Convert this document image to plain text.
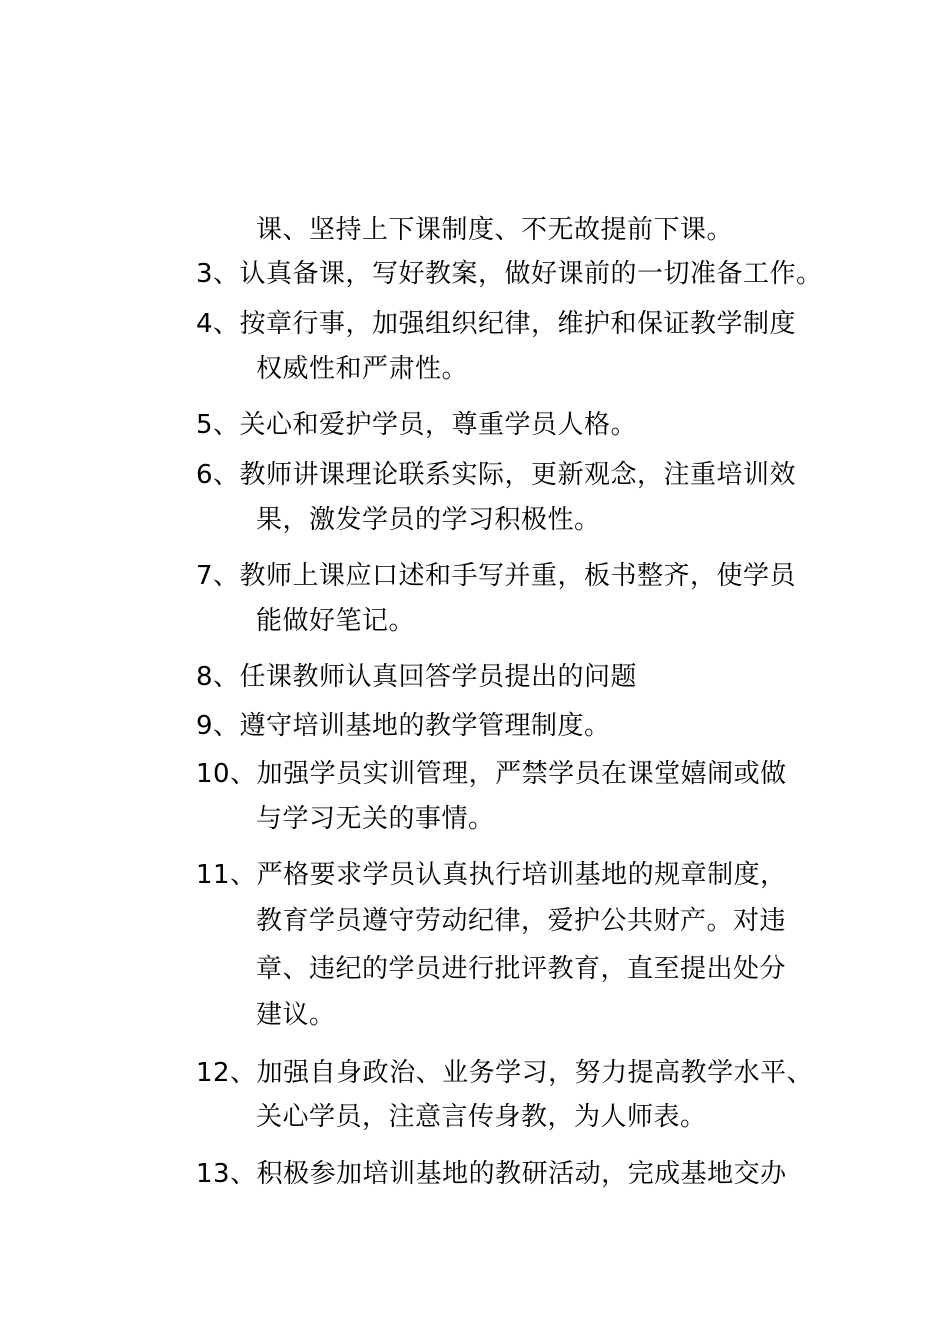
课、坚持上下课制度、不无故提前下课。
3、认真备课，写好教案，做好课前的一切准备工作。
4、按章行事，加强组织纪律，维护和保证教学制度
权威性和严肃性。
5、关心和爱护学员，尊重学员人格。
6、教师讲课理论联系实际，更新观念，注重培训效
果，激发学员的学习积极性。
7、教师上课应口述和手写并重，板书整齐，使学员
能做好笔记。
8、任课教师认真回答学员提出的问题
9、遵守培训基地的教学管理制度。
10、加强学员实训管理，严禁学员在课堂嬉闹或做
与学习无关的事情。
11、严格要求学员认真执行培训基地的规章制度，
教育学员遵守劳动纪律，爱护公共财产。对违
章、违纪的学员进行批评教育，直至提出处分
建议。
12、加强自身政治、业务学习，努力提高教学水平、
关心学员，注意言传身教，为人师表。
13、积极参加培训基地的教研活动，完成基地交办
